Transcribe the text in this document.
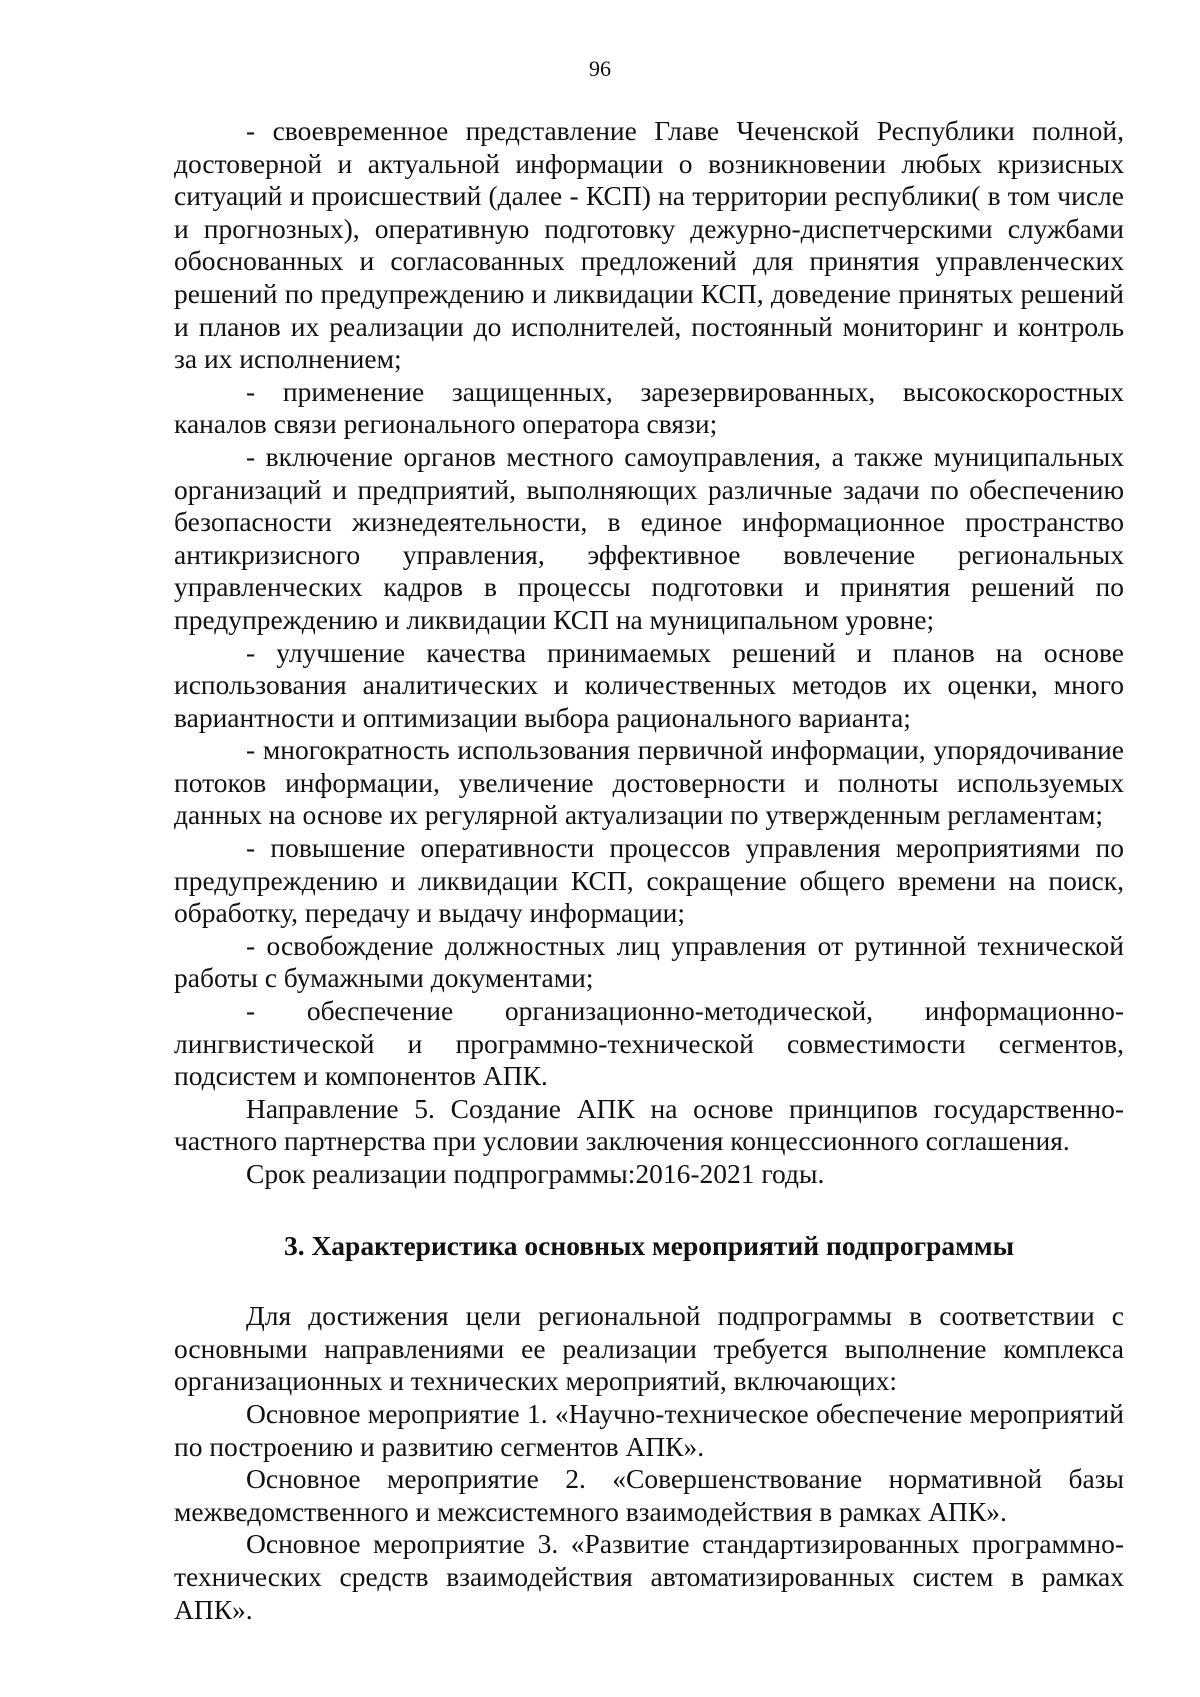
96

- своевременное представление Главе Чеченской Республики полной, достоверной и актуальной информации о возникновении любых кризисных ситуаций и происшествий (далее - КСП) на территории республики( в том числе и прогнозных), оперативную подготовку дежурно-диспетчерскими службами обоснованных и согласованных предложений для принятия управленческих решений по предупреждению и ликвидации КСП, доведение принятых решений и планов их реализации до исполнителей, постоянный мониторинг и контроль за их исполнением;

- применение защищенных, зарезервированных, высокоскоростных каналов связи регионального оператора связи;

- включение органов местного самоуправления, а также муниципальных организаций и предприятий, выполняющих различные задачи по обеспечению безопасности жизнедеятельности, в единое информационное пространство антикризисного управления, эффективное вовлечение региональных управленческих кадров в процессы подготовки и принятия решений по предупреждению и ликвидации КСП на муниципальном уровне;

- улучшение качества принимаемых решений и планов на основе использования аналитических и количественных методов их оценки, много вариантности и оптимизации выбора рационального варианта;

- многократность использования первичной информации, упорядочивание потоков информации, увеличение достоверности и полноты используемых данных на основе их регулярной актуализации по утвержденным регламентам;

- повышение оперативности процессов управления мероприятиями по предупреждению и ликвидации КСП, сокращение общего времени на поиск, обработку, передачу и выдачу информации;

- освобождение должностных лиц управления от рутинной технической работы с бумажными документами;

- обеспечение организационно-методической, информационно-лингвистической и программно-технической совместимости сегментов, подсистем и компонентов АПК.

Направление 5. Создание АПК на основе принципов государственно-частного партнерства при условии заключения концессионного соглашения.

Срок реализации подпрограммы:2016-2021 годы.

3. Характеристика основных мероприятий подпрограммы

Для достижения цели региональной подпрограммы в соответствии с основными направлениями ее реализации требуется выполнение комплекса организационных и технических мероприятий, включающих:

Основное мероприятие 1. «Научно-техническое обеспечение мероприятий по построению и развитию сегментов АПК».

Основное мероприятие 2. «Совершенствование нормативной базы межведомственного и межсистемного взаимодействия в рамках АПК».

Основное мероприятие 3. «Развитие стандартизированных программно-технических средств взаимодействия автоматизированных систем в рамках АПК».
